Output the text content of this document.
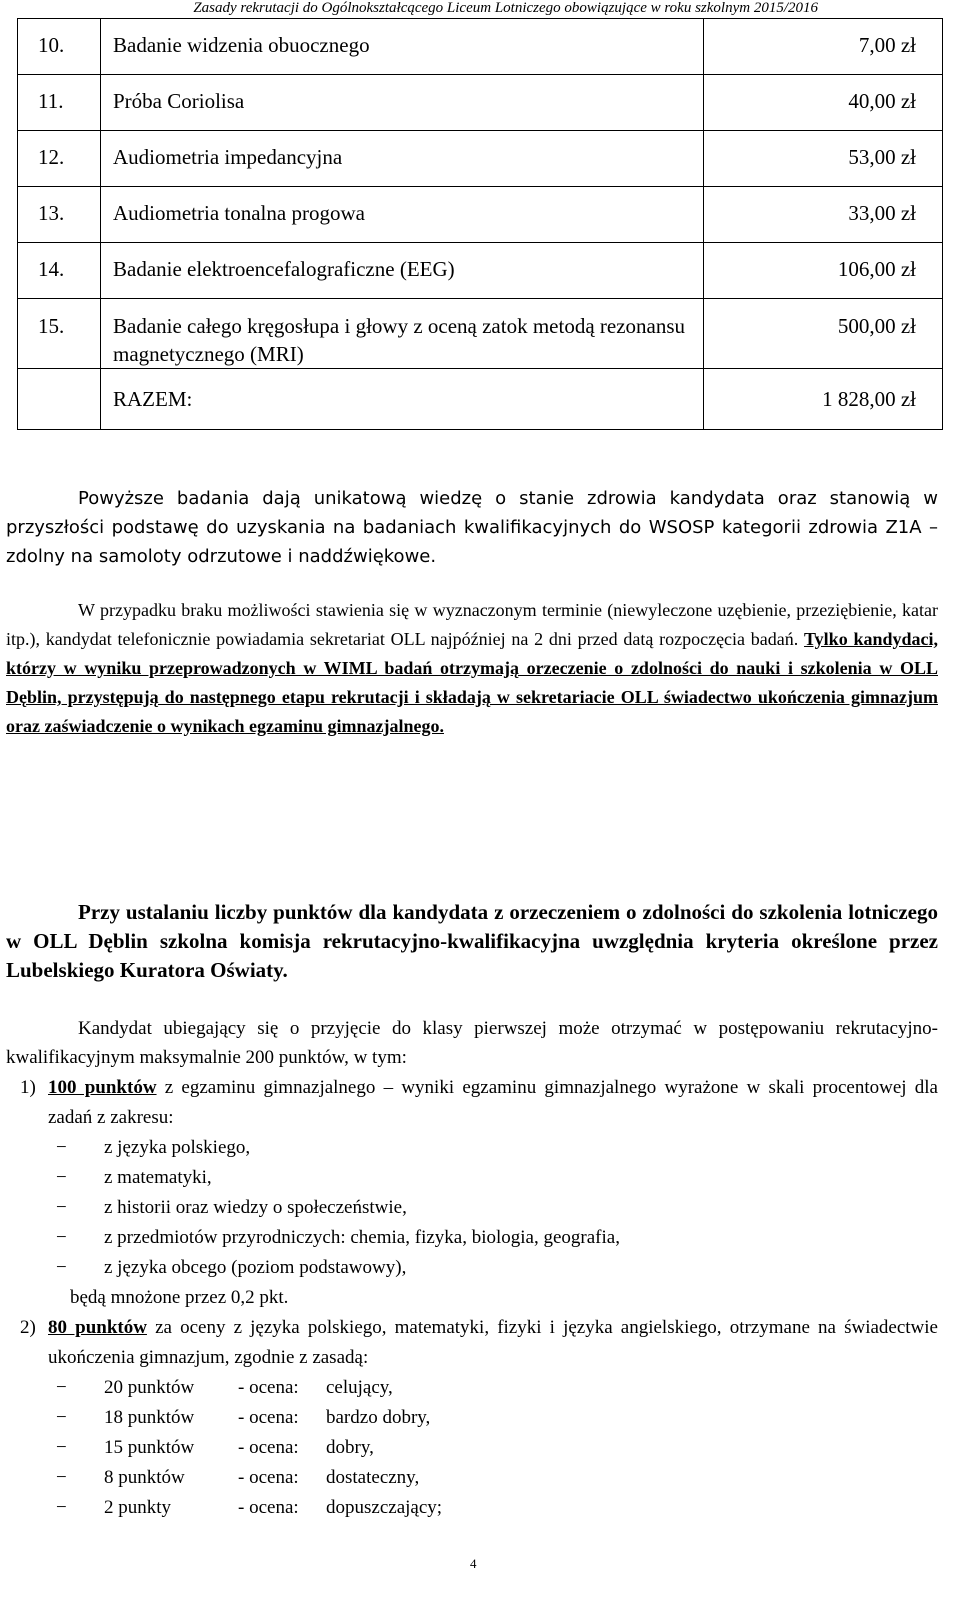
Zasady rekrutacji do Ogólnokształcącego Liceum Lotniczego obowiązujące w roku szkolnym 2015/2016
10.	Badanie widzenia obuocznego	7,00 zł
11.	Próba Coriolisa	40,00 zł
12.	Audiometria impedancyjna	53,00 zł
13.	Audiometria tonalna progowa	33,00 zł
14.	Badanie elektroencefalograficzne (EEG)	106,00 zł
15.	Badanie całego kręgosłupa i głowy z oceną zatok metodą rezonansu magnetycznego (MRI)	500,00 zł
	RAZEM:	1 828,00 zł

Powyższe badania dają unikatową wiedzę o stanie zdrowia kandydata oraz stanowią w przyszłości podstawę do uzyskania na badaniach kwalifikacyjnych do WSOSP kategorii zdrowia Z1A – zdolny na samoloty odrzutowe i naddźwiękowe.

W przypadku braku możliwości stawienia się w wyznaczonym terminie (niewyleczone uzębienie, przeziębienie, katar itp.), kandydat telefonicznie powiadamia sekretariat OLL najpóźniej na 2 dni przed datą rozpoczęcia badań. Tylko kandydaci, którzy w wyniku przeprowadzonych w WIML badań otrzymają orzeczenie o zdolności do nauki i szkolenia w OLL Dęblin, przystępują do następnego etapu rekrutacji i składają w sekretariacie OLL świadectwo ukończenia gimnazjum oraz zaświadczenie o wynikach egzaminu gimnazjalnego.

Przy ustalaniu liczby punktów dla kandydata z orzeczeniem o zdolności do szkolenia lotniczego w OLL Dęblin szkolna komisja rekrutacyjno-kwalifikacyjna uwzględnia kryteria określone przez Lubelskiego Kuratora Oświaty.

Kandydat ubiegający się o przyjęcie do klasy pierwszej może otrzymać w postępowaniu rekrutacyjno-kwalifikacyjnym maksymalnie 200 punktów, w tym:

1) 100 punktów z egzaminu gimnazjalnego – wyniki egzaminu gimnazjalnego wyrażone w skali procentowej dla zadań z zakresu:
−	z języka polskiego,
−	z matematyki,
−	z historii oraz wiedzy o społeczeństwie,
−	z przedmiotów przyrodniczych: chemia, fizyka, biologia, geografia,
−	z języka obcego (poziom podstawowy),
będą mnożone przez 0,2 pkt.
2) 80 punktów za oceny z języka polskiego, matematyki, fizyki i języka angielskiego, otrzymane na świadectwie ukończenia gimnazjum, zgodnie z zasadą:
−	20 punktów	- ocena:	celujący,
−	18 punktów	- ocena:	bardzo dobry,
−	15 punktów	- ocena:	dobry,
−	8 punktów	- ocena:	dostateczny,
−	2 punkty	- ocena:	dopuszczający;
4
